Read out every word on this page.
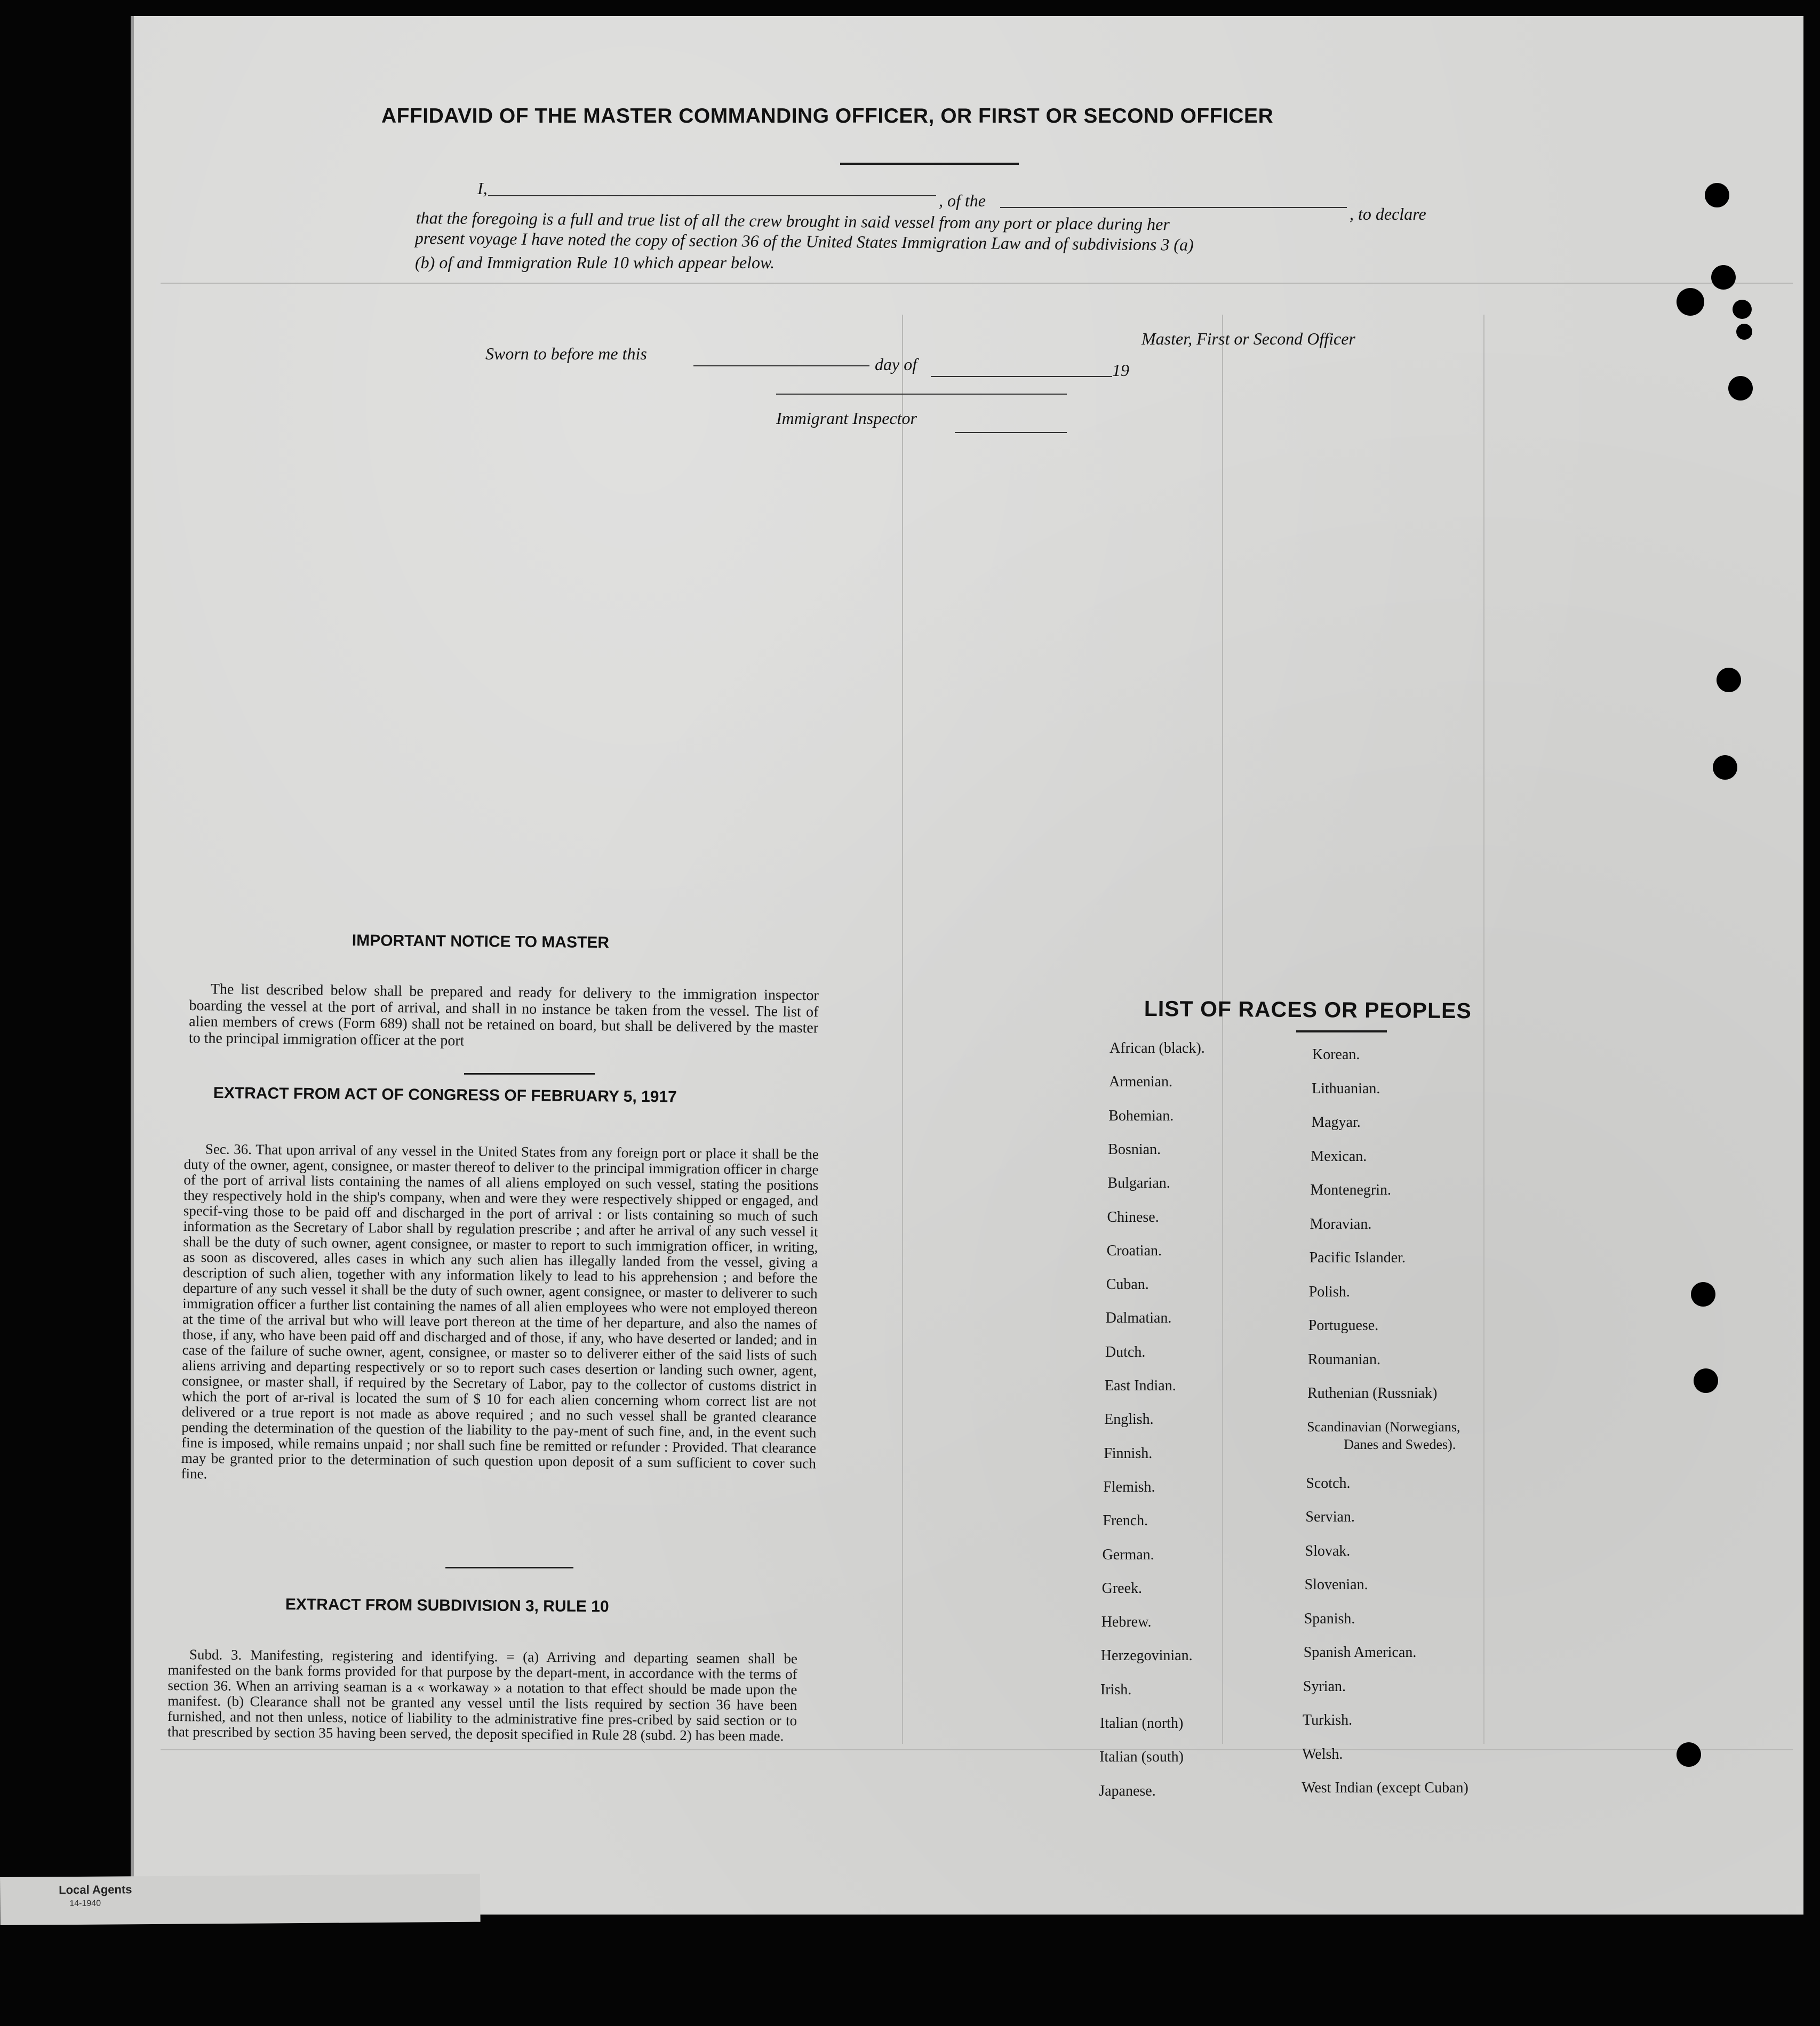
AFFIDAVID OF THE MASTER COMMANDING OFFICER, OR FIRST OR SECOND OFFICER
I,
, of the
, to declare
that the foregoing is a full and true list of all the crew brought in said vessel from any port or place during her
present voyage I have noted the copy of section 36 of the United States Immigration Law and of subdivisions 3 (a)
(b) of and Immigration Rule 10 which appear below.
Master, First or Second Officer
Sworn to before me this
day of	19
Immigrant Inspector
IMPORTANT NOTICE TO MASTER

The list described below shall be prepared and ready for delivery to the immigration inspector boarding the vessel at the port of arrival, and shall in no instance be taken from the vessel. The list of alien members of crews (Form 689) shall not be retained on board, but shall be delivered by the master to the principal immigration officer at the port

EXTRACT FROM ACT OF CONGRESS OF FEBRUARY 5, 1917

Sec. 36. That upon arrival of any vessel in the United States from any foreign port or place it shall be the duty of the owner, agent, consignee, or master thereof to deliver to the principal immigration officer in charge of the port of arrival lists containing the names of all aliens employed on such vessel, stating the positions they respectively hold in the ship's company, when and were they were respectively shipped or engaged, and specif-ving those to be paid off and discharged in the port of arrival : or lists containing so much of such information as the Secretary of Labor shall by regulation prescribe ; and after he arrival of any such vessel it shall be the duty of such owner, agent consignee, or master to report to such immigration officer, in writing, as soon as discovered, alles cases in which any such alien has illegally landed from the vessel, giving a description of such alien, together with any information likely to lead to his apprehension ; and before the departure of any such vessel it shall be the duty of such owner, agent consignee, or master to deliverer to such immigration officer a further list containing the names of all alien employees who were not employed thereon at the time of the arrival but who will leave port thereon at the time of her departure, and also the names of those, if any, who have been paid off and discharged and of those, if any, who have deserted or landed; and in case of the failure of suche owner, agent, consignee, or master so to deliverer either of the said lists of such aliens arriving and departing respectively or so to report such cases desertion or landing such owner, agent, consignee, or master shall, if required by the Secretary of Labor, pay to the collector of customs district in which the port of ar-rival is located the sum of $ 10 for each alien concerning whom correct list are not delivered or a true report is not made as above required ; and no such vessel shall be granted clearance pending the determination of the question of the liability to the pay-ment of such fine, and, in the event such fine is imposed, while remains unpaid ; nor shall such fine be remitted or refunder : Provided. That clearance may be granted prior to the determination of such question upon deposit of a sum sufficient to cover such fine.

EXTRACT FROM SUBDIVISION 3, RULE 10

Subd. 3. Manifesting, registering and identifying. = (a) Arriving and departing seamen shall be manifested on the bank forms provided for that purpose by the depart-ment, in accordance with the terms of section 36. When an arriving seaman is a « workaway » a notation to that effect should be made upon the manifest. (b) Clearance shall not be granted any vessel until the lists required by section 36 have been furnished, and not then unless, notice of liability to the administrative fine pres-cribed by said section or to that prescribed by section 35 having been served, the deposit specified in Rule 28 (subd. 2) has been made.

LIST OF RACES OR PEOPLES
African (black).
Armenian.
Bohemian.
Bosnian.
Bulgarian.
Chinese.
Croatian.
Cuban.
Dalmatian.
Dutch.
East Indian.
English.
Finnish.
Flemish.
French.
German.
Greek.
Hebrew.
Herzegovinian.
Irish.
Italian (north)
Italian (south)
Japanese.
Korean.
Lithuanian.
Magyar.
Mexican.
Montenegrin.
Moravian.
Pacific Islander.
Polish.
Portuguese.
Roumanian.
Ruthenian (Russniak)
Scandinavian (Norwegians,
Danes and Swedes).
Scotch.
Servian.
Slovak.
Slovenian.
Spanish.
Spanish American.
Syrian.
Turkish.
Welsh.
West Indian (except Cuban)
Local Agents
14-1940
